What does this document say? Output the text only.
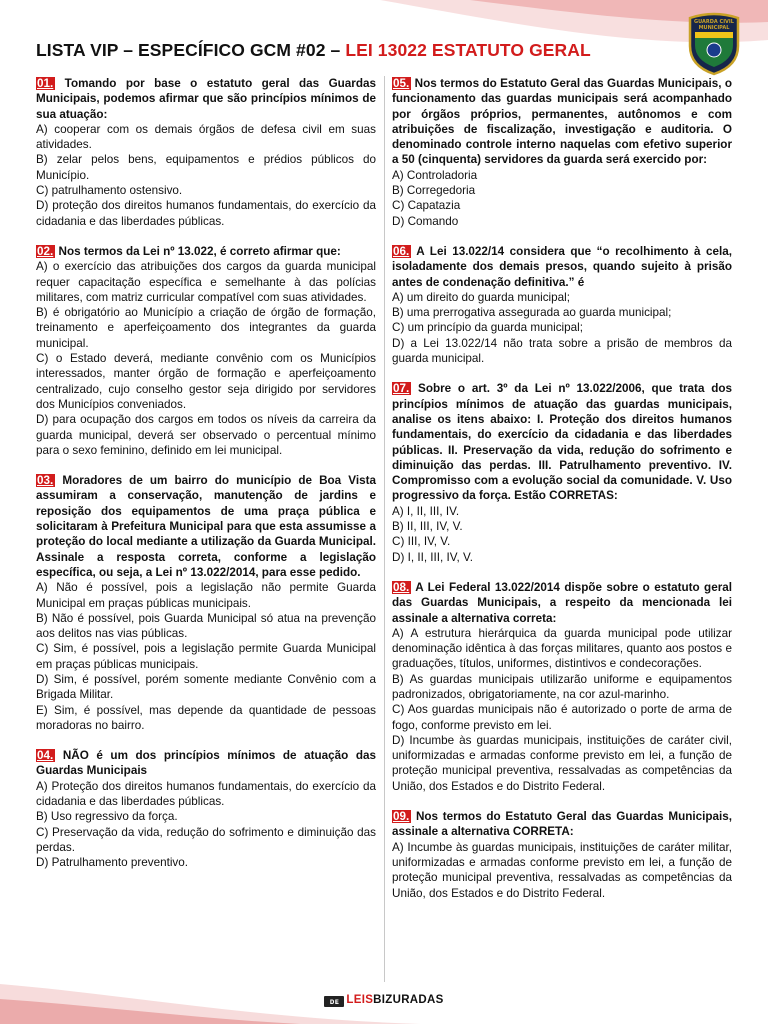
LISTA VIP – ESPECÍFICO GCM #02 – LEI 13022 ESTATUTO GERAL
GUARDA CIVIL
MUNICIPAL

01. Tomando por base o estatuto geral das Guardas Municipais, podemos afirmar que são princípios mínimos de sua atuação:

A) cooperar com os demais órgãos de defesa civil em suas atividades.
B) zelar pelos bens, equipamentos e prédios públicos do Município.
C) patrulhamento ostensivo.
D) proteção dos direitos humanos fundamentais, do exercício da cidadania e das liberdades públicas.

02. Nos termos da Lei nº 13.022, é correto afirmar que:

A) o exercício das atribuições dos cargos da guarda municipal requer capacitação específica e semelhante à das polícias militares, com matriz curricular compatível com suas atividades.
B) é obrigatório ao Município a criação de órgão de formação, treinamento e aperfeiçoamento dos integrantes da guarda municipal.
C) o Estado deverá, mediante convênio com os Municípios interessados, manter órgão de formação e aperfeiçoamento centralizado, cujo conselho gestor seja dirigido por servidores dos Municípios conveniados.
D) para ocupação dos cargos em todos os níveis da carreira da guarda municipal, deverá ser observado o percentual mínimo para o sexo feminino, definido em lei municipal.

03. Moradores de um bairro do município de Boa Vista assumiram a conservação, manutenção de jardins e reposição dos equipamentos de uma praça pública e solicitaram à Prefeitura Municipal para que esta assumisse a proteção do local mediante a utilização da Guarda Municipal. Assinale a resposta correta, conforme a legislação específica, ou seja, a Lei nº 13.022/2014, para esse pedido.

A) Não é possível, pois a legislação não permite Guarda Municipal em praças públicas municipais.
B) Não é possível, pois Guarda Municipal só atua na prevenção aos delitos nas vias públicas.
C) Sim, é possível, pois a legislação permite Guarda Municipal em praças públicas municipais.
D) Sim, é possível, porém somente mediante Convênio com a Brigada Militar.
E) Sim, é possível, mas depende da quantidade de pessoas moradoras no bairro.

04. NÃO é um dos princípios mínimos de atuação das Guardas Municipais

A) Proteção dos direitos humanos fundamentais, do exercício da cidadania e das liberdades públicas.
B) Uso regressivo da força.
C) Preservação da vida, redução do sofrimento e diminuição das perdas.
D) Patrulhamento preventivo.

05. Nos termos do Estatuto Geral das Guardas Municipais, o funcionamento das guardas municipais será acompanhado por órgãos próprios, permanentes, autônomos e com atribuições de fiscalização, investigação e auditoria. O denominado controle interno naquelas com efetivo superior a 50 (cinquenta) servidores da guarda será exercido por:

A) Controladoria
B) Corregedoria
C) Capatazia
D) Comando

06. A Lei 13.022/14 considera que “o recolhimento à cela, isoladamente dos demais presos, quando sujeito à prisão antes de condenação definitiva.” é

A) um direito do guarda municipal;
B) uma prerrogativa assegurada ao guarda municipal;
C) um princípio da guarda municipal;
D) a Lei 13.022/14 não trata sobre a prisão de membros da guarda municipal.

07. Sobre o art. 3º da Lei nº 13.022/2006, que trata dos princípios mínimos de atuação das guardas municipais, analise os itens abaixo: I. Proteção dos direitos humanos fundamentais, do exercício da cidadania e das liberdades públicas. II. Preservação da vida, redução do sofrimento e diminuição das perdas. III. Patrulhamento preventivo. IV. Compromisso com a evolução social da comunidade. V. Uso progressivo da força. Estão CORRETAS:

A) I, II, III, IV.
B) II, III, IV, V.
C) III, IV, V.
D) I, II, III, IV, V.

08. A Lei Federal 13.022/2014 dispõe sobre o estatuto geral das Guardas Municipais, a respeito da mencionada lei assinale a alternativa correta:

A) A estrutura hierárquica da guarda municipal pode utilizar denominação idêntica à das forças militares, quanto aos postos e graduações, títulos, uniformes, distintivos e condecorações.
B) As guardas municipais utilizarão uniforme e equipamentos padronizados, obrigatoriamente, na cor azul-marinho.
C) Aos guardas municipais não é autorizado o porte de arma de fogo, conforme previsto em lei.
D) Incumbe às guardas municipais, instituições de caráter civil, uniformizadas e armadas conforme previsto em lei, a função de proteção municipal preventiva, ressalvadas as competências da União, dos Estados e do Distrito Federal.

09. Nos termos do Estatuto Geral das Guardas Municipais, assinale a alternativa CORRETA:

A) Incumbe às guardas municipais, instituições de caráter militar, uniformizadas e armadas conforme previsto em lei, a função de proteção municipal preventiva, ressalvadas as competências da União, dos Estados e do Distrito Federal.
ᴅᴇ LEISBIZURADAS
